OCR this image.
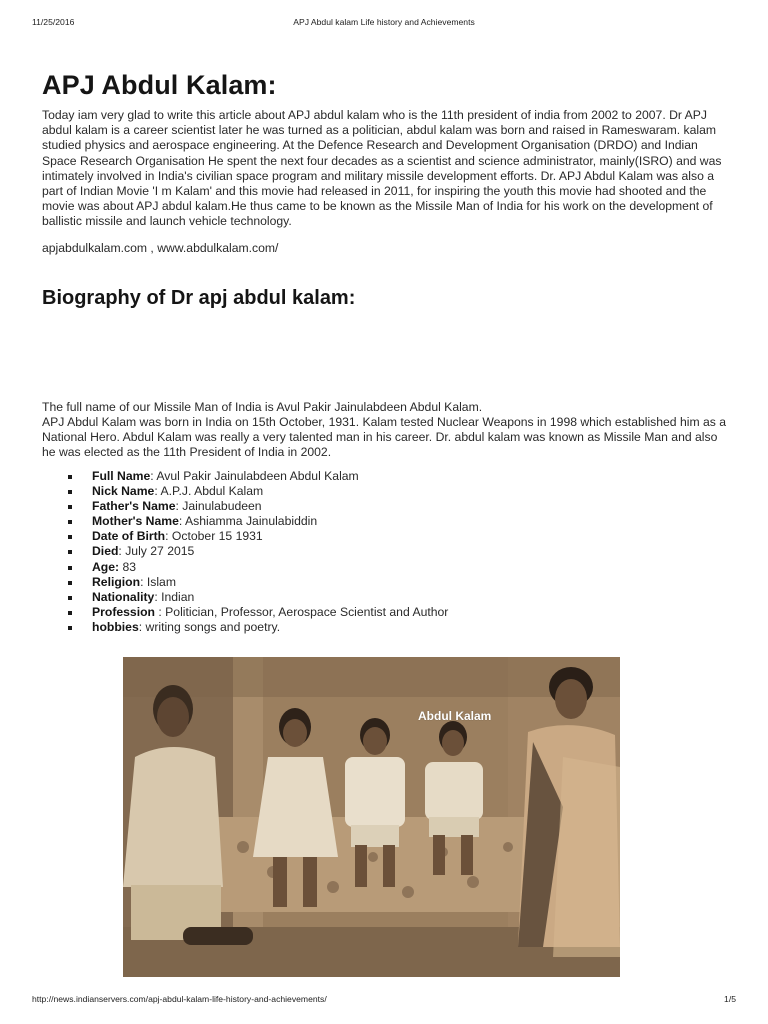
11/25/2016	APJ Abdul kalam Life history and Achievements
APJ Abdul Kalam:

Today iam very glad to write this article about APJ abdul kalam who is the 11th president of india from 2002 to 2007. Dr APJ abdul kalam is a career scientist later he was turned as a politician, abdul kalam was born and raised in Rameswaram. kalam studied physics and aerospace engineering. At the Defence Research and Development Organisation (DRDO) and Indian Space Research Organisation He spent the next four decades as a scientist and science administrator, mainly(ISRO) and was intimately involved in India's civilian space program and military missile development efforts. Dr. APJ Abdul Kalam was also a part of Indian Movie 'I m Kalam' and this movie had released in 2011, for inspiring the youth this movie had shooted and the movie was about APJ abdul kalam.He thus came to be known as the Missile Man of India for his work on the development of ballistic missile and launch vehicle technology.

apjabdulkalam.com , www.abdulkalam.com/

Biography of Dr apj abdul kalam:

The full name of our Missile Man of India is Avul Pakir Jainulabdeen Abdul Kalam.

APJ Abdul Kalam was born in India on 15th October, 1931. Kalam tested Nuclear Weapons in 1998 which established him as a National Hero. Abdul Kalam was really a very talented man in his career. Dr. abdul kalam was known as Missile Man and also he was elected as the 11th President of India in 2002.

Full Name: Avul Pakir Jainulabdeen Abdul Kalam
Nick Name: A.P.J. Abdul Kalam
Father's Name: Jainulabudeen
Mother's Name: Ashiamma Jainulabiddin
Date of Birth: October 15 1931
Died: July 27 2015
Age: 83
Religion: Islam
Nationality: Indian
Profession : Politician, Professor, Aerospace Scientist and Author
hobbies: writing songs and poetry.
Abdul Kalam
http://news.indianservers.com/apj-abdul-kalam-life-history-and-achievements/	1/5
